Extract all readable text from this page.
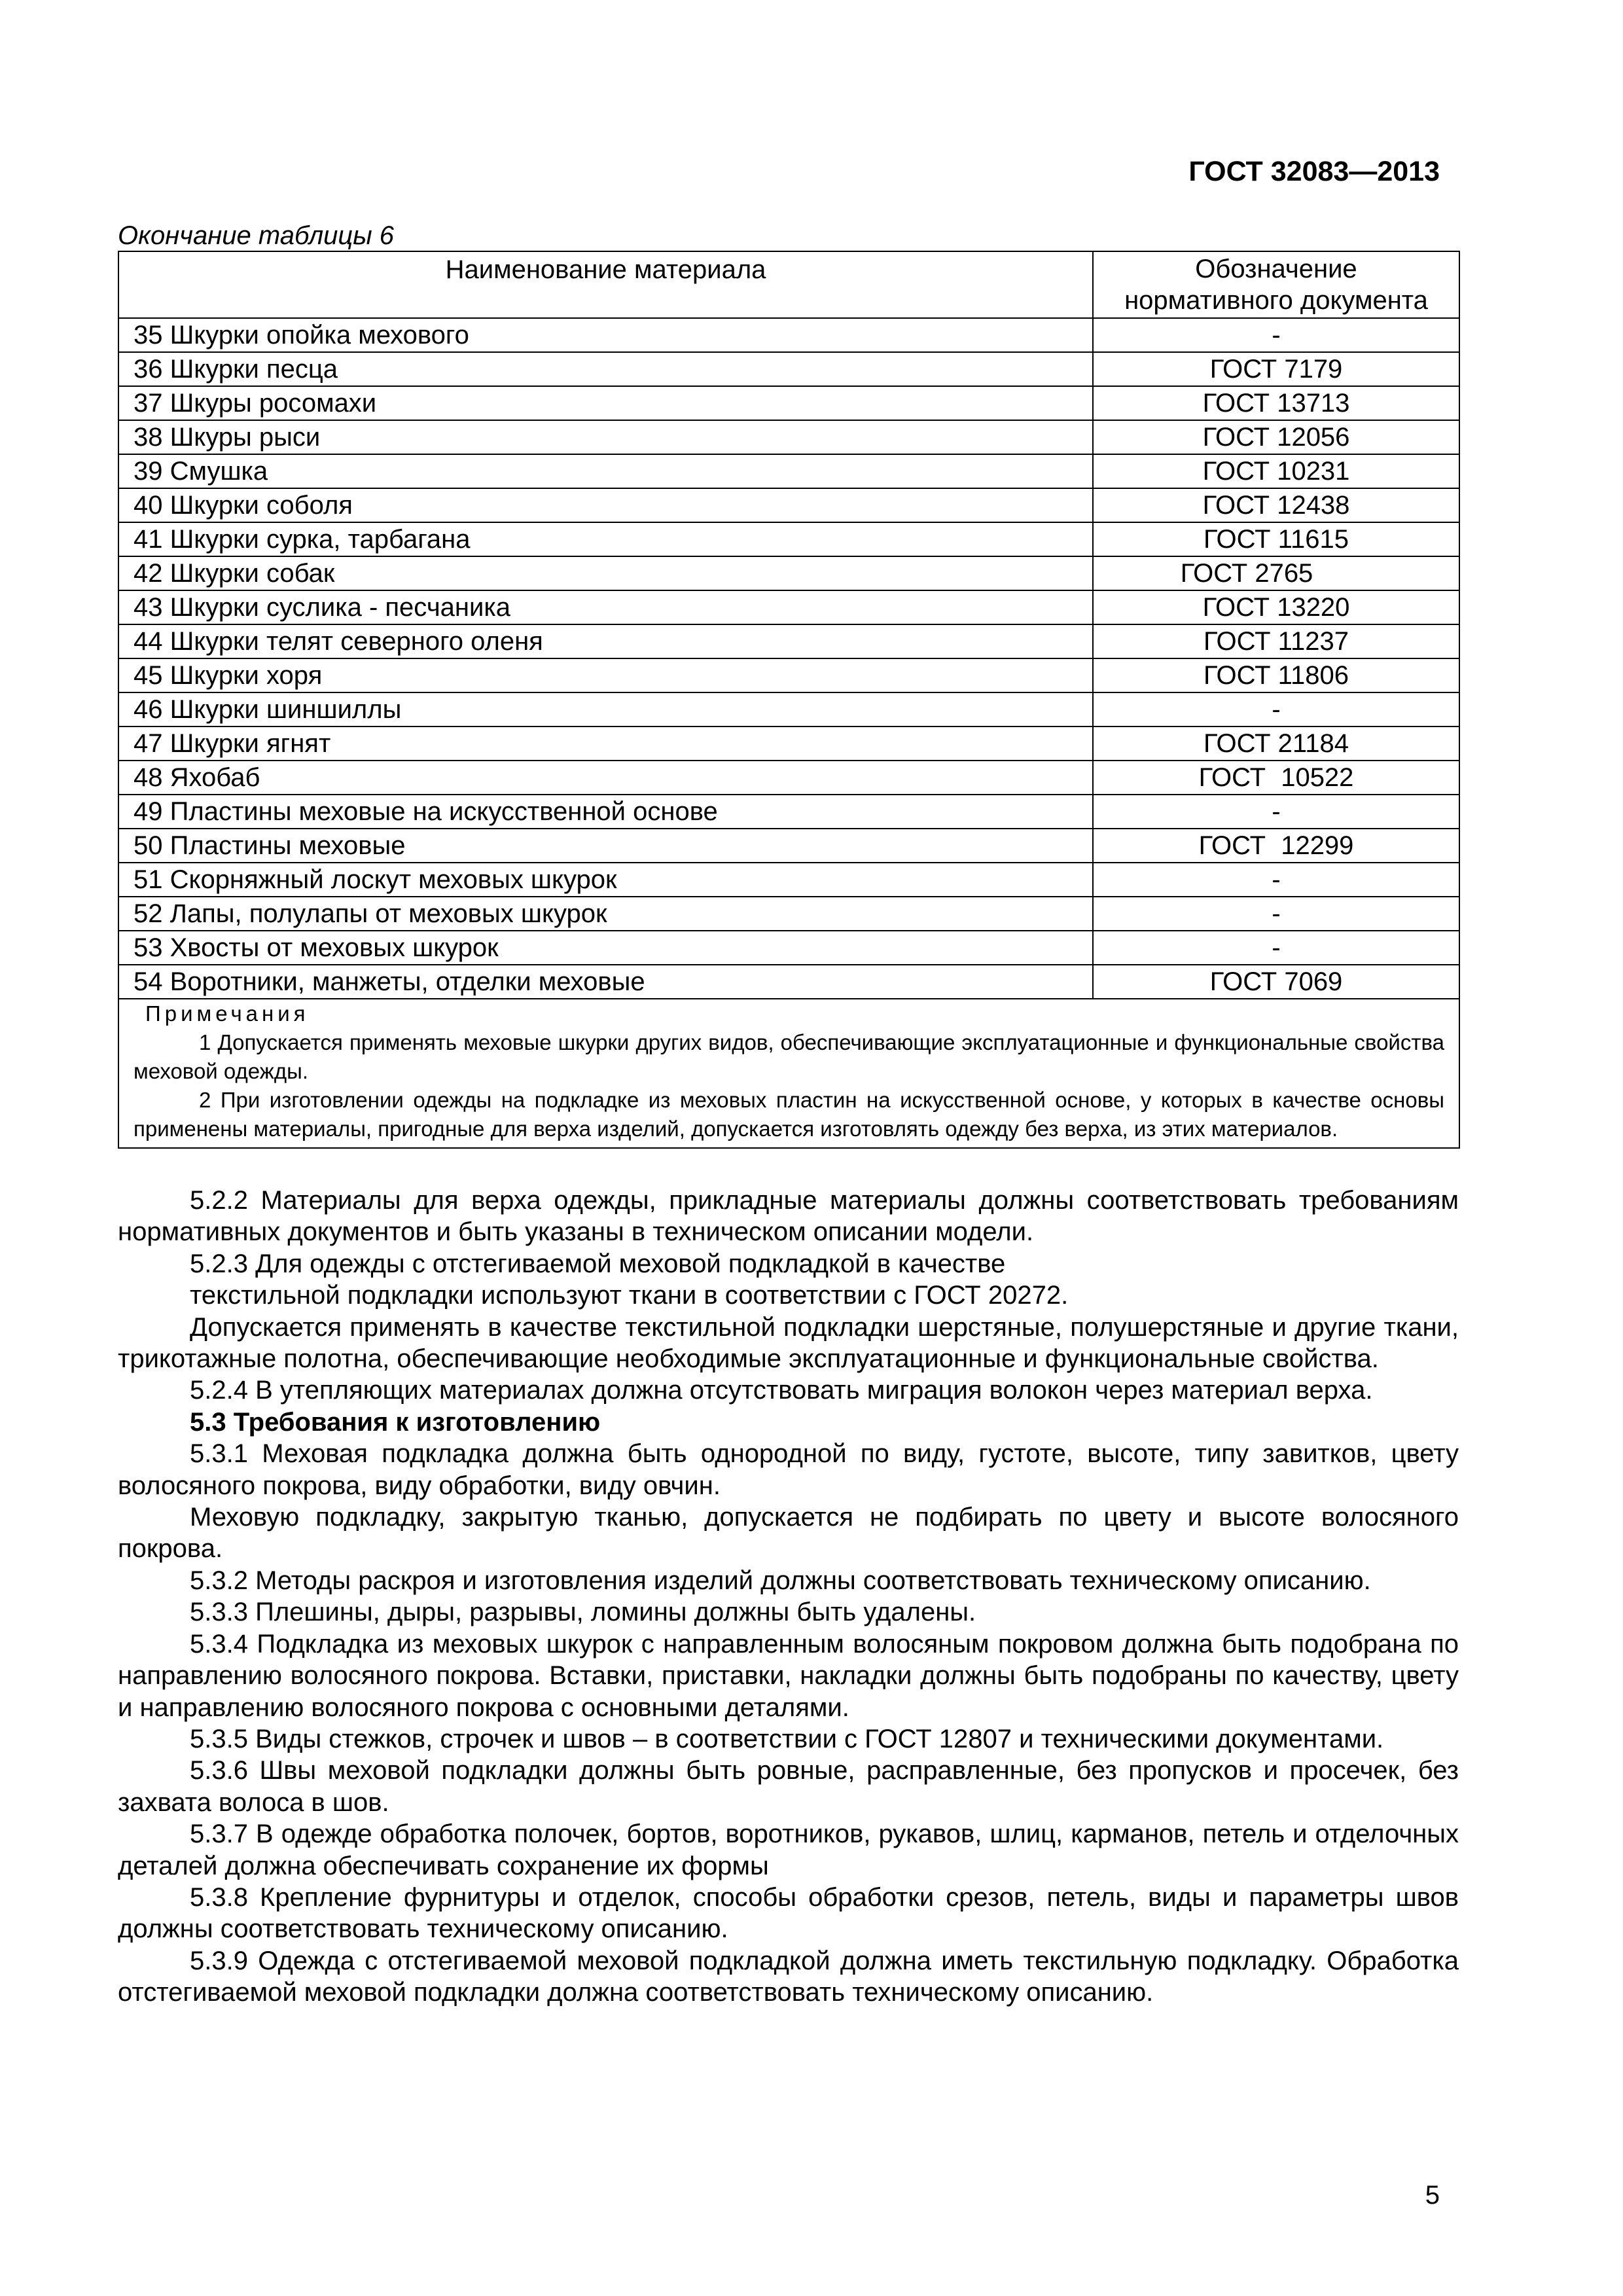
ГОСТ 32083—2013
Окончание таблицы 6
Наименование материала	Обозначение
нормативного документа
35 Шкурки опойка мехового	-
36 Шкурки песца	ГОСТ 7179
37 Шкуры росомахи	ГОСТ 13713
38 Шкуры рыси	ГОСТ 12056
39 Смушка	ГОСТ 10231
40 Шкурки соболя	ГОСТ 12438
41 Шкурки сурка, тарбагана	ГОСТ 11615
42 Шкурки собак	ГОСТ 2765
43 Шкурки суслика - песчаника	ГОСТ 13220
44 Шкурки телят северного оленя	ГОСТ 11237
45 Шкурки хоря	ГОСТ 11806
46 Шкурки шиншиллы	-
47 Шкурки ягнят	ГОСТ 21184
48 Яхобаб	ГОСТ 10522
49 Пластины меховые на искусственной основе	-
50 Пластины меховые	ГОСТ 12299
51 Скорняжный лоскут меховых шкурок	-
52 Лапы, полулапы от меховых шкурок	-
53 Хвосты от меховых шкурок	-
54 Воротники, манжеты, отделки меховые	ГОСТ 7069

Примечания

1 Допускается применять меховые шкурки других видов, обеспечивающие эксплуатационные и функциональные свойства меховой одежды.

2 При изготовлении одежды на подкладке из меховых пластин на искусственной основе, у которых в качестве основы применены материалы, пригодные для верха изделий, допускается изготовлять одежду без верха, из этих материалов.	

5.2.2 Материалы для верха одежды, прикладные материалы должны соответствовать требованиям нормативных документов и быть указаны в техническом описании модели.

5.2.3 Для одежды с отстегиваемой меховой подкладкой в качестве

текстильной подкладки используют ткани в соответствии с ГОСТ 20272.

Допускается применять в качестве текстильной подкладки шерстяные, полушерстяные и другие ткани, трикотажные полотна, обеспечивающие необходимые эксплуатационные и функциональные свойства.

5.2.4 В утепляющих материалах должна отсутствовать миграция волокон через материал верха.

5.3 Требования к изготовлению

5.3.1 Меховая подкладка должна быть однородной по виду, густоте, высоте, типу завитков, цвету волосяного покрова, виду обработки, виду овчин.

Меховую подкладку, закрытую тканью, допускается не подбирать по цвету и высоте волосяного покрова.

5.3.2 Методы раскроя и изготовления изделий должны соответствовать техническому описанию.

5.3.3 Плешины, дыры, разрывы, ломины должны быть удалены.

5.3.4 Подкладка из меховых шкурок с направленным волосяным покровом должна быть подобрана по направлению волосяного покрова. Вставки, приставки, накладки должны быть подобраны по качеству, цвету и направлению волосяного покрова с основными деталями.

5.3.5 Виды стежков, строчек и швов – в соответствии с ГОСТ 12807 и техническими документами.

5.3.6 Швы меховой подкладки должны быть ровные, расправленные, без пропусков и просечек, без захвата волоса в шов.

5.3.7 В одежде обработка полочек, бортов, воротников, рукавов, шлиц, карманов, петель и отделочных деталей должна обеспечивать сохранение их формы

5.3.8 Крепление фурнитуры и отделок, способы обработки срезов, петель, виды и параметры швов должны соответствовать техническому описанию.

5.3.9 Одежда с отстегиваемой меховой подкладкой должна иметь текстильную подкладку. Обработка отстегиваемой меховой подкладки должна соответствовать техническому описанию.

5
